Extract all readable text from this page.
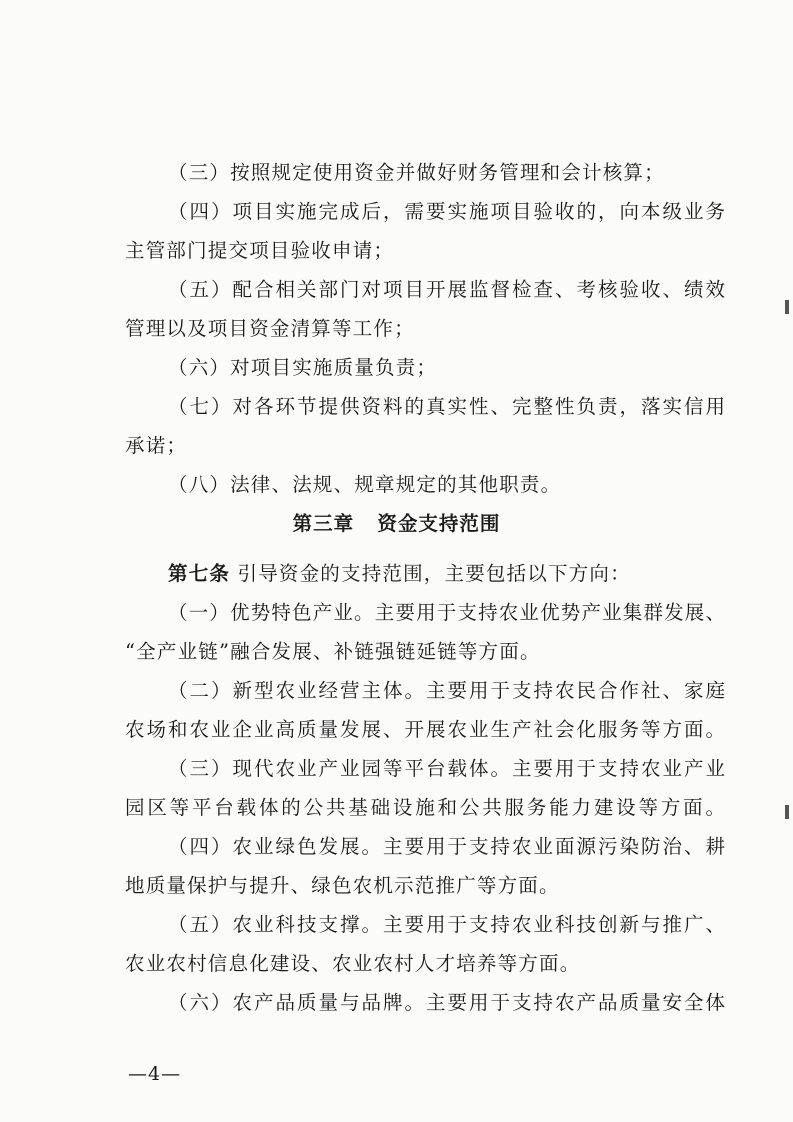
（三）按照规定使用资金并做好财务管理和会计核算；
（四）项目实施完成后，需要实施项目验收的，向本级业务
主管部门提交项目验收申请；
（五）配合相关部门对项目开展监督检查、考核验收、绩效
管理以及项目资金清算等工作；
（六）对项目实施质量负责；
（七）对各环节提供资料的真实性、完整性负责，落实信用
承诺；
（八）法律、法规、规章规定的其他职责。
第三章   资金支持范围
第七条 引导资金的支持范围，主要包括以下方向：
（一）优势特色产业。主要用于支持农业优势产业集群发展、
“全产业链”融合发展、补链强链延链等方面。
（二）新型农业经营主体。主要用于支持农民合作社、家庭
农场和农业企业高质量发展、开展农业生产社会化服务等方面。
（三）现代农业产业园等平台载体。主要用于支持农业产业
园区等平台载体的公共基础设施和公共服务能力建设等方面。
（四）农业绿色发展。主要用于支持农业面源污染防治、耕
地质量保护与提升、绿色农机示范推广等方面。
（五）农业科技支撑。主要用于支持农业科技创新与推广、
农业农村信息化建设、农业农村人才培养等方面。
（六）农产品质量与品牌。主要用于支持农产品质量安全体
—4—
